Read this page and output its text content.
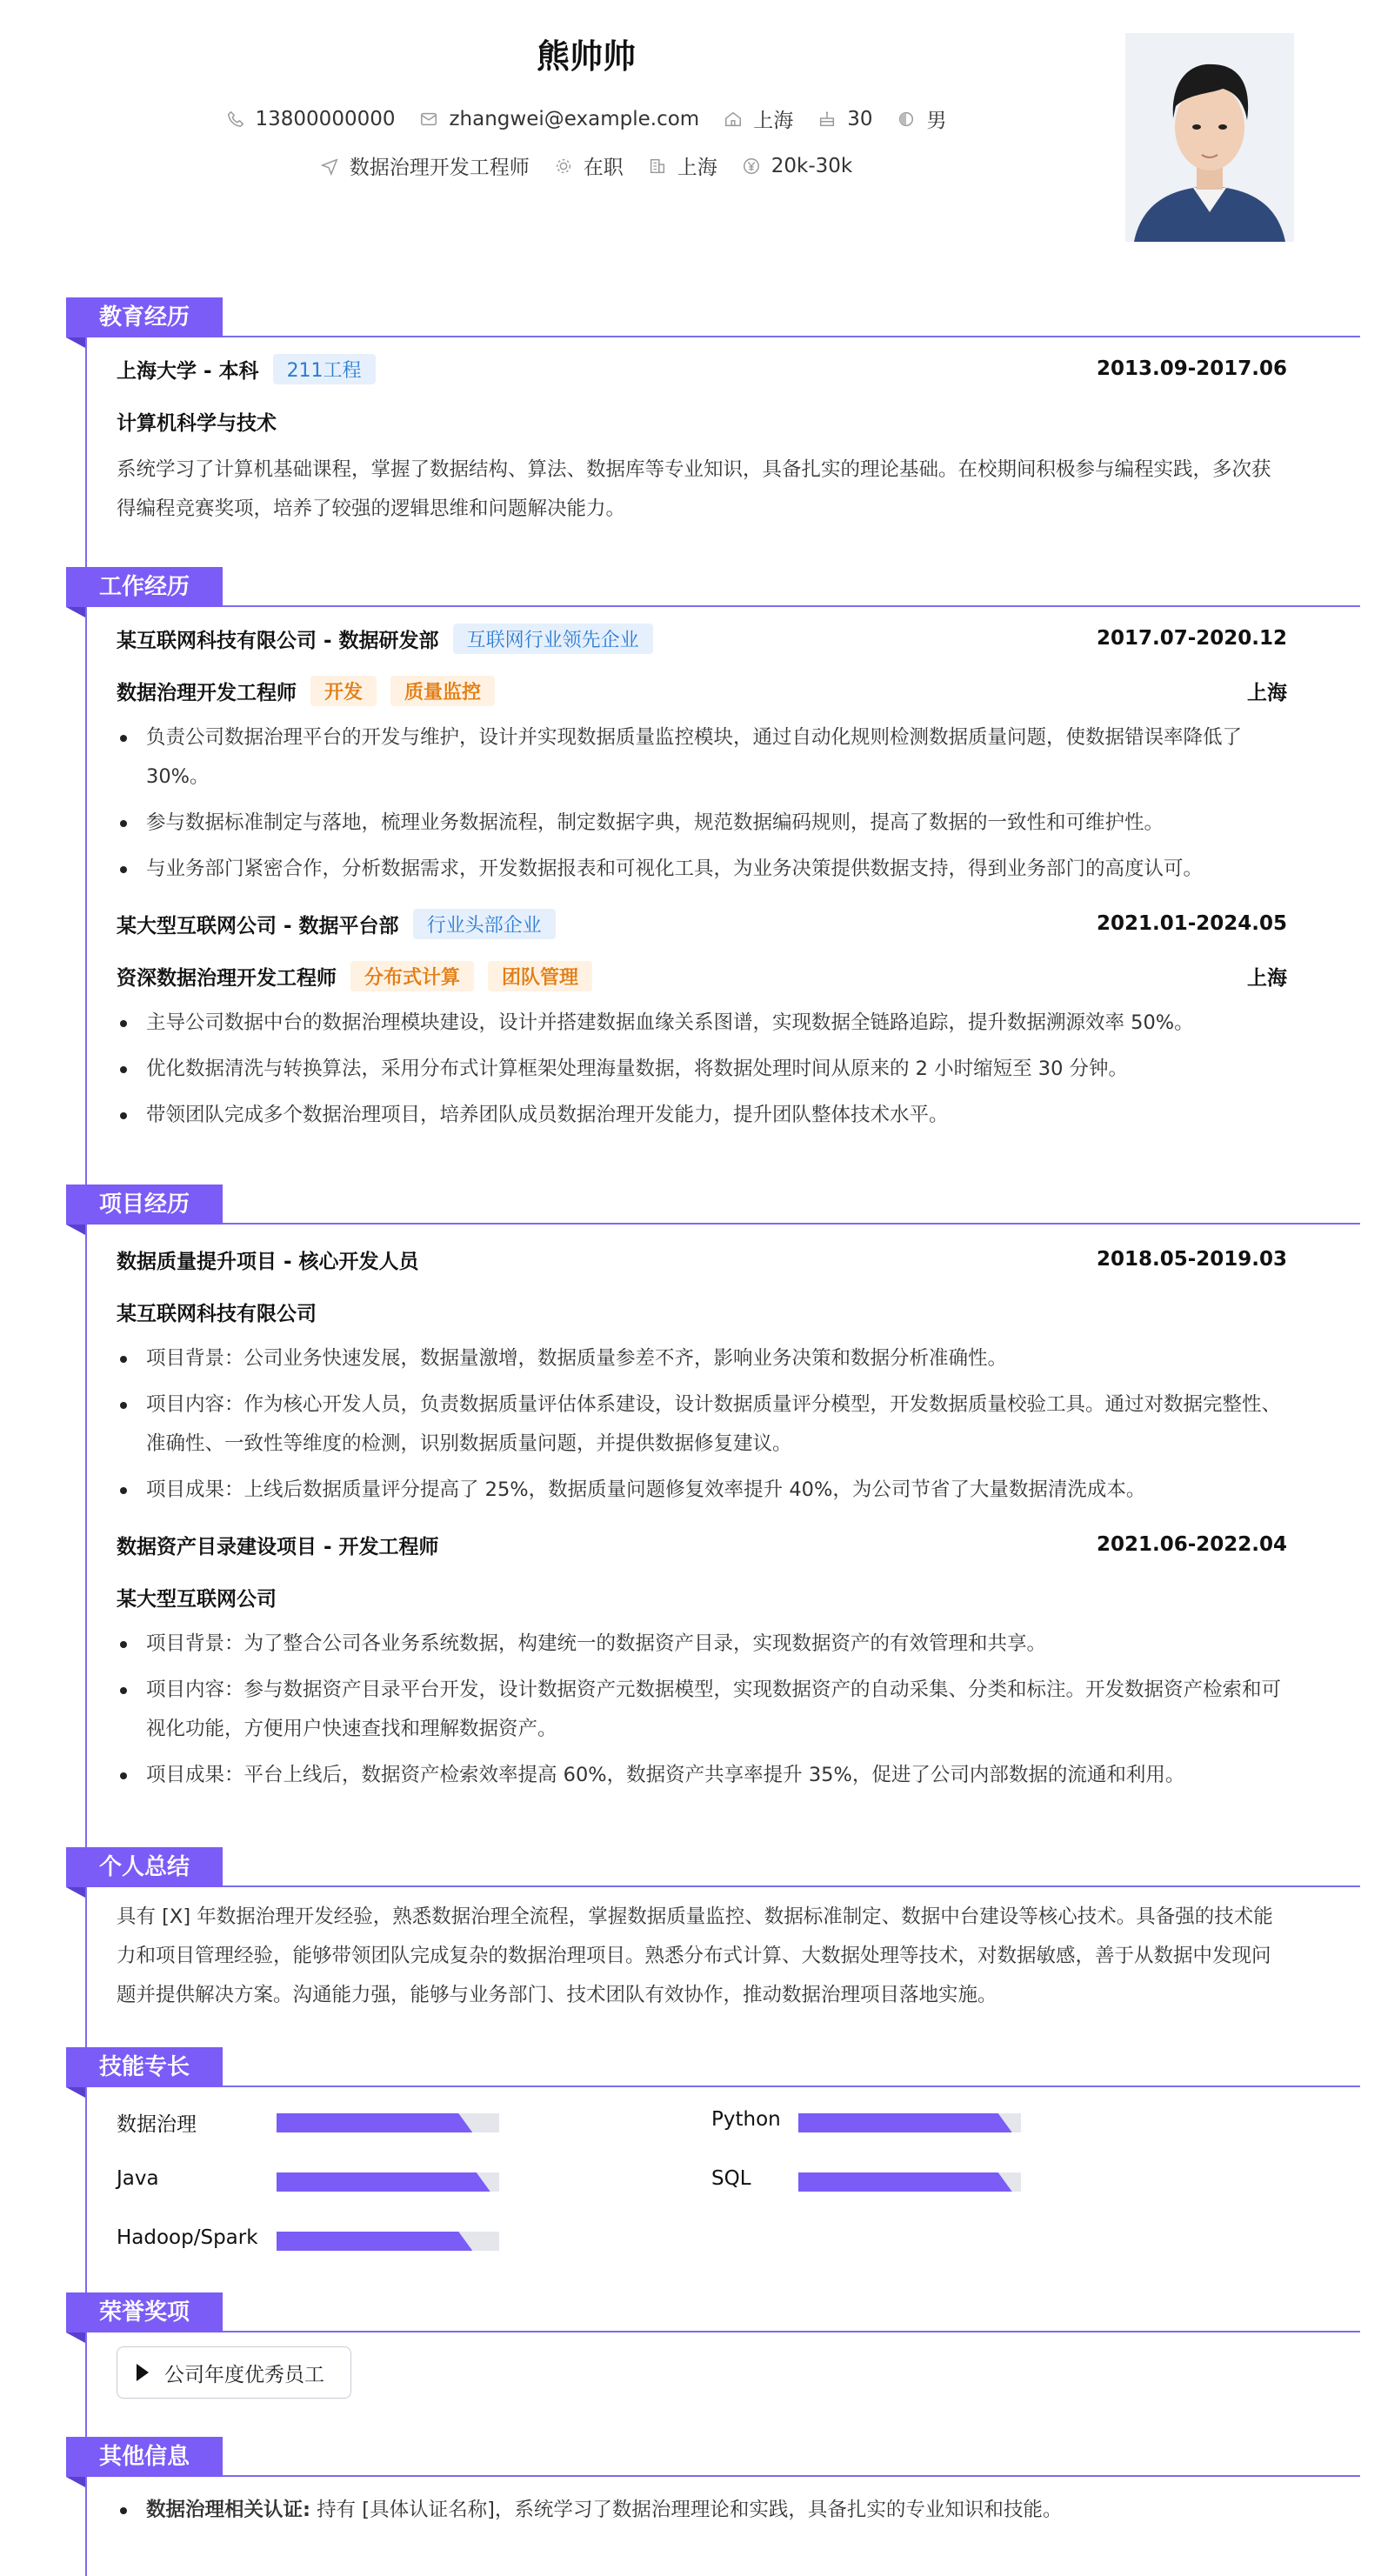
熊帅帅
13800000000	zhangwei@example.com	上海	30	男
数据治理开发工程师	在职	上海	20k-30k
教育经历
上海大学 - 本科	211工程	2013.09-2017.06
计算机科学与技术
系统学习了计算机基础课程，掌握了数据结构、算法、数据库等专业知识，具备扎实的理论基础。在校期间积极参与编程实践，多次获得编程竞赛奖项，培养了较强的逻辑思维和问题解决能力。
工作经历
某互联网科技有限公司 - 数据研发部	互联网行业领先企业	2017.07-2020.12
数据治理开发工程师	开发	质量监控	上海
负责公司数据治理平台的开发与维护，设计并实现数据质量监控模块，通过自动化规则检测数据质量问题，使数据错误率降低了 30%。
参与数据标准制定与落地，梳理业务数据流程，制定数据字典，规范数据编码规则，提高了数据的一致性和可维护性。
与业务部门紧密合作，分析数据需求，开发数据报表和可视化工具，为业务决策提供数据支持，得到业务部门的高度认可。
某大型互联网公司 - 数据平台部	行业头部企业	2021.01-2024.05
资深数据治理开发工程师	分布式计算	团队管理	上海
主导公司数据中台的数据治理模块建设，设计并搭建数据血缘关系图谱，实现数据全链路追踪，提升数据溯源效率 50%。
优化数据清洗与转换算法，采用分布式计算框架处理海量数据，将数据处理时间从原来的 2 小时缩短至 30 分钟。
带领团队完成多个数据治理项目，培养团队成员数据治理开发能力，提升团队整体技术水平。
项目经历
数据质量提升项目 - 核心开发人员	2018.05-2019.03
某互联网科技有限公司
项目背景：公司业务快速发展，数据量激增，数据质量参差不齐，影响业务决策和数据分析准确性。
项目内容：作为核心开发人员，负责数据质量评估体系建设，设计数据质量评分模型，开发数据质量校验工具。通过对数据完整性、准确性、一致性等维度的检测，识别数据质量问题，并提供数据修复建议。
项目成果：上线后数据质量评分提高了 25%，数据质量问题修复效率提升 40%，为公司节省了大量数据清洗成本。
数据资产目录建设项目 - 开发工程师	2021.06-2022.04
某大型互联网公司
项目背景：为了整合公司各业务系统数据，构建统一的数据资产目录，实现数据资产的有效管理和共享。
项目内容：参与数据资产目录平台开发，设计数据资产元数据模型，实现数据资产的自动采集、分类和标注。开发数据资产检索和可视化功能，方便用户快速查找和理解数据资产。
项目成果：平台上线后，数据资产检索效率提高 60%，数据资产共享率提升 35%，促进了公司内部数据的流通和利用。
个人总结
具有 [X] 年数据治理开发经验，熟悉数据治理全流程，掌握数据质量监控、数据标准制定、数据中台建设等核心技术。具备强的技术能力和项目管理经验，能够带领团队完成复杂的数据治理项目。熟悉分布式计算、大数据处理等技术，对数据敏感，善于从数据中发现问题并提供解决方案。沟通能力强，能够与业务部门、技术团队有效协作，推动数据治理项目落地实施。
技能专长
数据治理	Python
Java	SQL
Hadoop/Spark
荣誉奖项
公司年度优秀员工
其他信息
数据治理相关认证: 持有 [具体认证名称]，系统学习了数据治理理论和实践，具备扎实的专业知识和技能。
